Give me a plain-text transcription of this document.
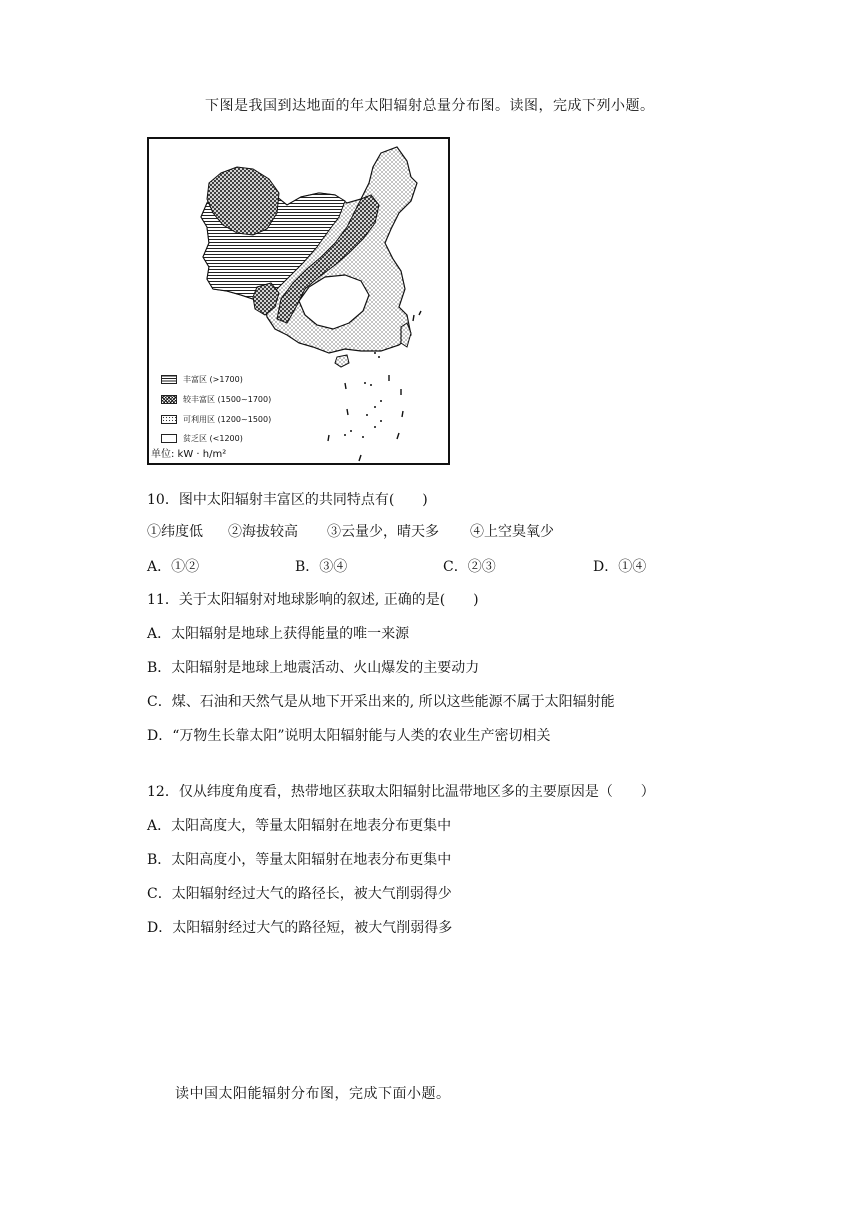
下图是我国到达地面的年太阳辐射总量分布图。读图，完成下列小题。
丰富区 (>1700)
较丰富区 (1500~1700)
可利用区 (1200~1500)
贫乏区 (<1200)
单位: kW · h/m²
10．图中太阳辐射丰富区的共同特点有(　　)
①纬度低 ②海拔较高 ③云量少，晴天多 ④上空臭氧少
A．①②	B．③④	C．②③	D．①④
11．关于太阳辐射对地球影响的叙述, 正确的是(　　)
A．太阳辐射是地球上获得能量的唯一来源
B．太阳辐射是地球上地震活动、火山爆发的主要动力
C．煤、石油和天然气是从地下开采出来的, 所以这些能源不属于太阳辐射能
D．“万物生长靠太阳”说明太阳辐射能与人类的农业生产密切相关
12．仅从纬度角度看，热带地区获取太阳辐射比温带地区多的主要原因是（　　）
A．太阳高度大，等量太阳辐射在地表分布更集中
B．太阳高度小，等量太阳辐射在地表分布更集中
C．太阳辐射经过大气的路径长，被大气削弱得少
D．太阳辐射经过大气的路径短，被大气削弱得多
读中国太阳能辐射分布图，完成下面小题。
